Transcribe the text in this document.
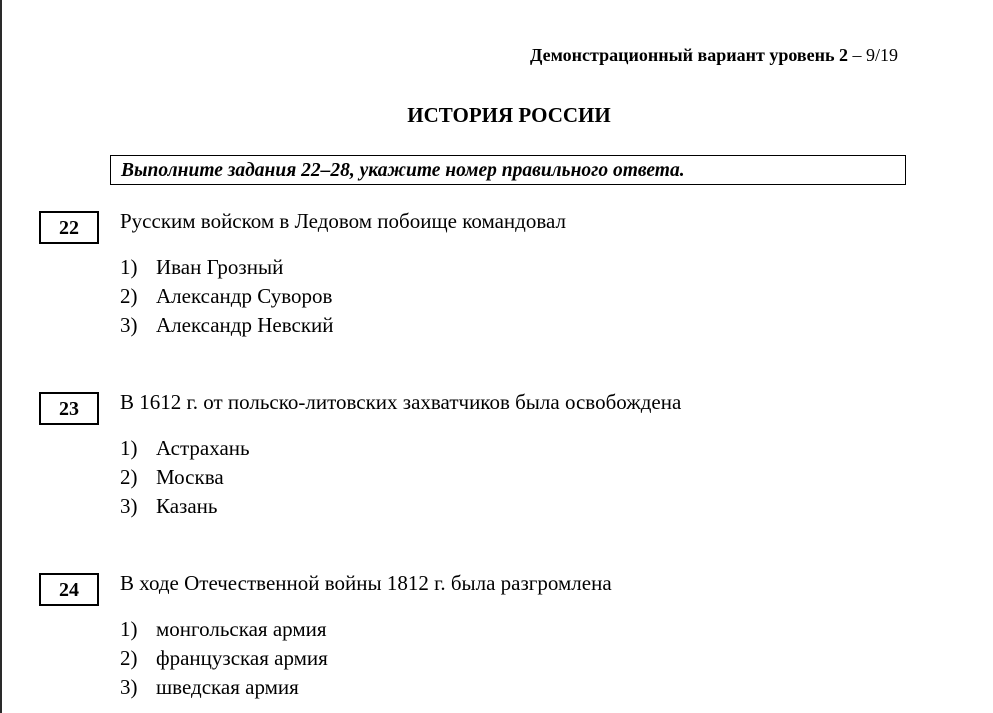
Демонстрационный вариант уровень 2 – 9/19
ИСТОРИЯ РОССИИ
Выполните задания 22–28, укажите номер правильного ответа.
22	Русским войском в Ледовом побоище командовал
1) Иван Грозный
2) Александр Суворов
3) Александр Невский
23	В 1612 г. от польско-литовских захватчиков была освобождена
1) Астрахань
2) Москва
3) Казань
24	В ходе Отечественной войны 1812 г. была разгромлена
1) монгольская армия
2) французская армия
3) шведская армия
